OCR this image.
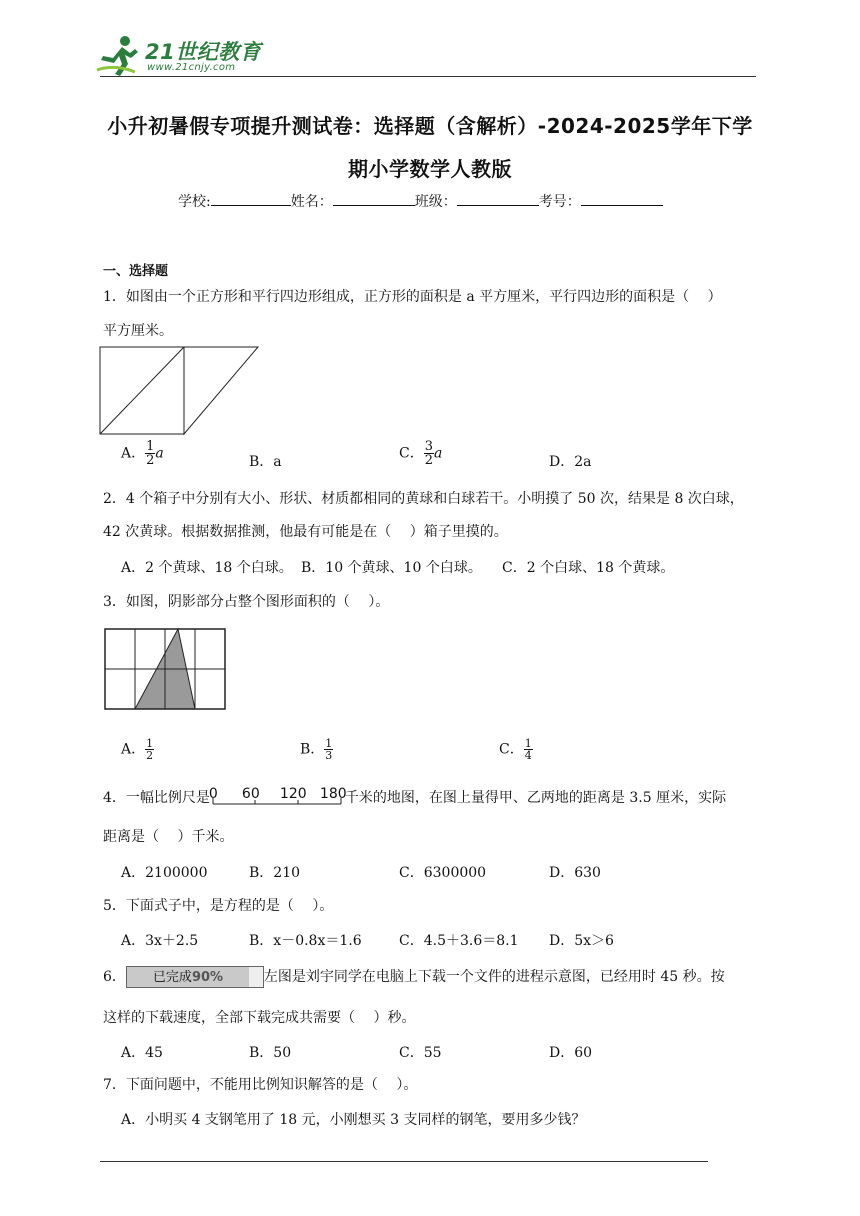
21世纪教育
www.21cnjy.com
小升初暑假专项提升测试卷：选择题（含解析）-2024-2025学年下学
期小学数学人教版
学校:	姓名：	班级：	考号：
一、选择题
1．如图由一个正方形和平行四边形组成，正方形的面积是 a 平方厘米，平行四边形的面积是（　 ）
平方厘米。
A． $\frac{1}{2}$ a
B．a
C． $\frac{3}{2}$ a
D．2a
2．4 个箱子中分别有大小、形状、材质都相同的黄球和白球若干。小明摸了 50 次，结果是 8 次白球，
42 次黄球。根据数据推测，他最有可能是在（　 ）箱子里摸的。
A．2 个黄球、18 个白球。 B．10 个黄球、10 个白球。 C．2 个白球、18 个黄球。
3．如图，阴影部分占整个图形面积的（　 ）。
A． $\frac{1}{2}$	B． $\frac{1}{3}$	C． $\frac{1}{4}$
4．一幅比例尺是 0 60 120 180
千米的地图，在图上量得甲、乙两地的距离是 3.5 厘米，实际
距离是（　 ）千米。
A．2100000	B．210	C．6300000	D．630
5．下面式子中，是方程的是（　 ）。
A．3x＋2.5	B．x－0.8x＝1.6	C．4.5＋3.6＝8.1 D．5x＞6
6． 已完成90%	左图是刘宇同学在电脑上下载一个文件的进程示意图，已经用时 45 秒。按
这样的下载速度，全部下载完成共需要（　 ）秒。
A．45	B．50	C．55	D．60
7．下面问题中，不能用比例知识解答的是（　 ）。
A．小明买 4 支钢笔用了 18 元，小刚想买 3 支同样的钢笔，要用多少钱？
